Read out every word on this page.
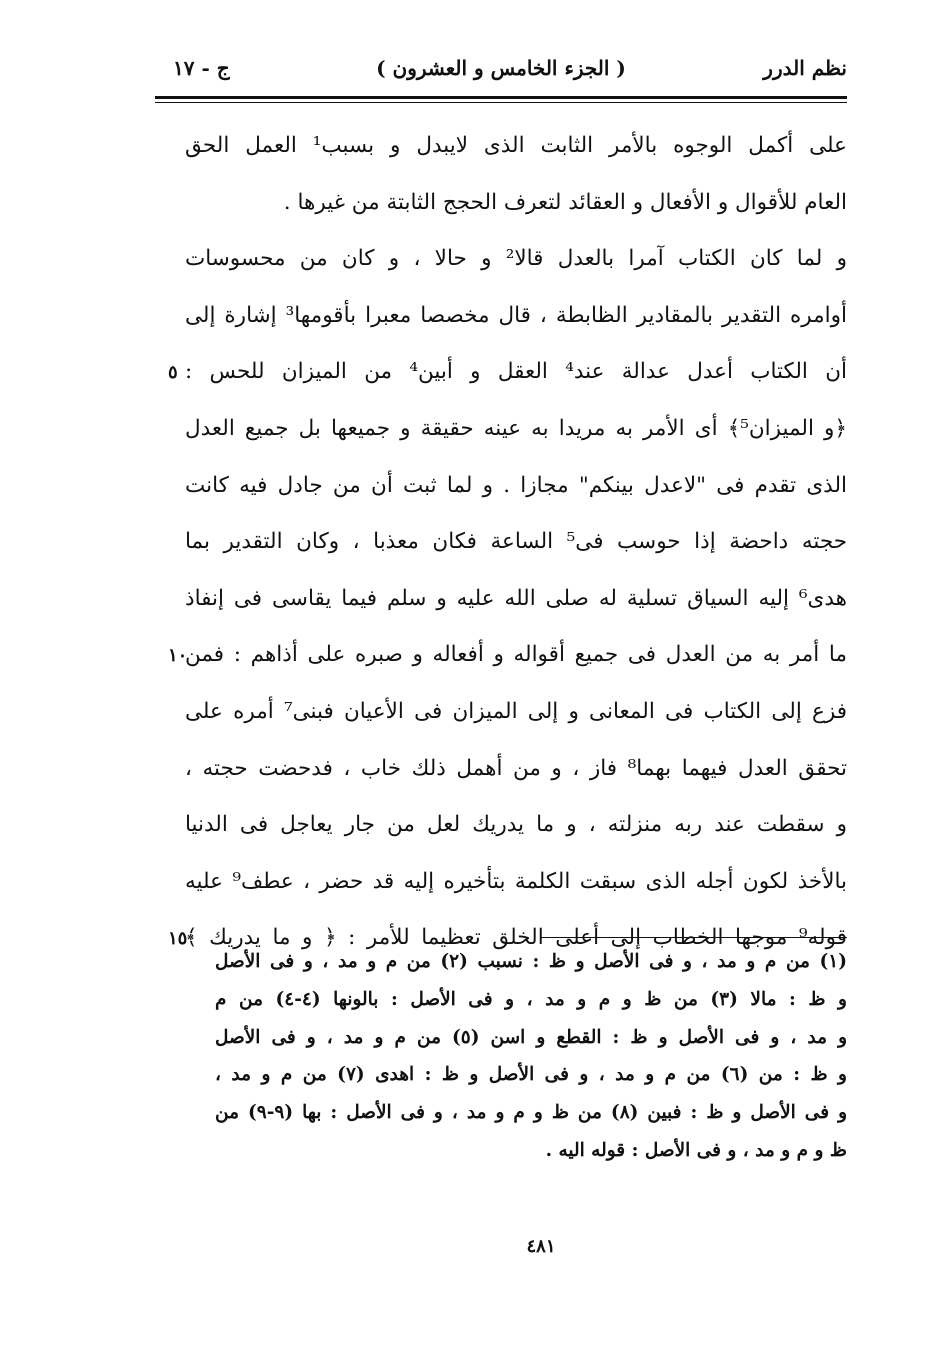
نظم الدرر
( الجزء الخامس و العشرون )
ج - ١٧
على أكمل الوجوه بالأمر الثابت الذى لايبدل و بسبب¹ العمل الحق
العام للأقوال و الأفعال و العقائد لتعرف الحجج الثابتة من غيرها .
و لما كان الكتاب آمرا بالعدل قالا² و حالا ، و كان من محسوسات
أوامره التقدير بالمقادير الظابطة ، قال مخصصا معبرا بأقومها³ إشارة إلى
أن الكتاب أعدل عدالة عند⁴ العقل و أبين⁴ من الميزان للحس :
﴿و الميزان⁵﴾ أى الأمر به مريدا به عينه حقيقة و جميعها بل جميع العدل
الذى تقدم فى "لاعدل بينكم" مجازا . و لما ثبت أن من جادل فيه كانت
حجته داحضة إذا حوسب فى⁵ الساعة فكان معذبا ، وكان التقدير بما
هدى⁶ إليه السياق تسلية له صلى الله عليه و سلم فيما يقاسى فى إنفاذ
ما أمر به من العدل فى جميع أقواله و أفعاله و صبره على أذاهم : فمن
فزع إلى الكتاب فى المعانى و إلى الميزان فى الأعيان فبنى⁷ أمره على
تحقق العدل فيهما بهما⁸ فاز ، و من أهمل ذلك خاب ، فدحضت حجته ،
و سقطت عند ربه منزلته ، و ما يدريك لعل من جار يعاجل فى الدنيا
بالأخذ لكون أجله الذى سبقت الكلمة بتأخيره إليه قد حضر ، عطف⁹ عليه
قوله⁹ موجها الخطاب إلى أعلى الخلق تعظيما للأمر : ﴿ و ما يدريك ﴾
(١) من م و مد ، و فى الأصل و ظ : نسبب (٢) من م و مد ، و فى الأصل
و ظ : مالا (٣) من ظ و م و مد ، و فى الأصل : بالونها (٤-٤) من م
و مد ، و فى الأصل و ظ : القطع و اسن (٥) من م و مد ، و فى الأصل
و ظ : من (٦) من م و مد ، و فى الأصل و ظ : اهدى (٧) من م و مد ،
و فى الأصل و ظ : فبين (٨) من ظ و م و مد ، و فى الأصل : بها (٩-٩) من
ظ و م و مد ، و فى الأصل : قوله اليه .
٤٨١
٥
١٠
١٥
